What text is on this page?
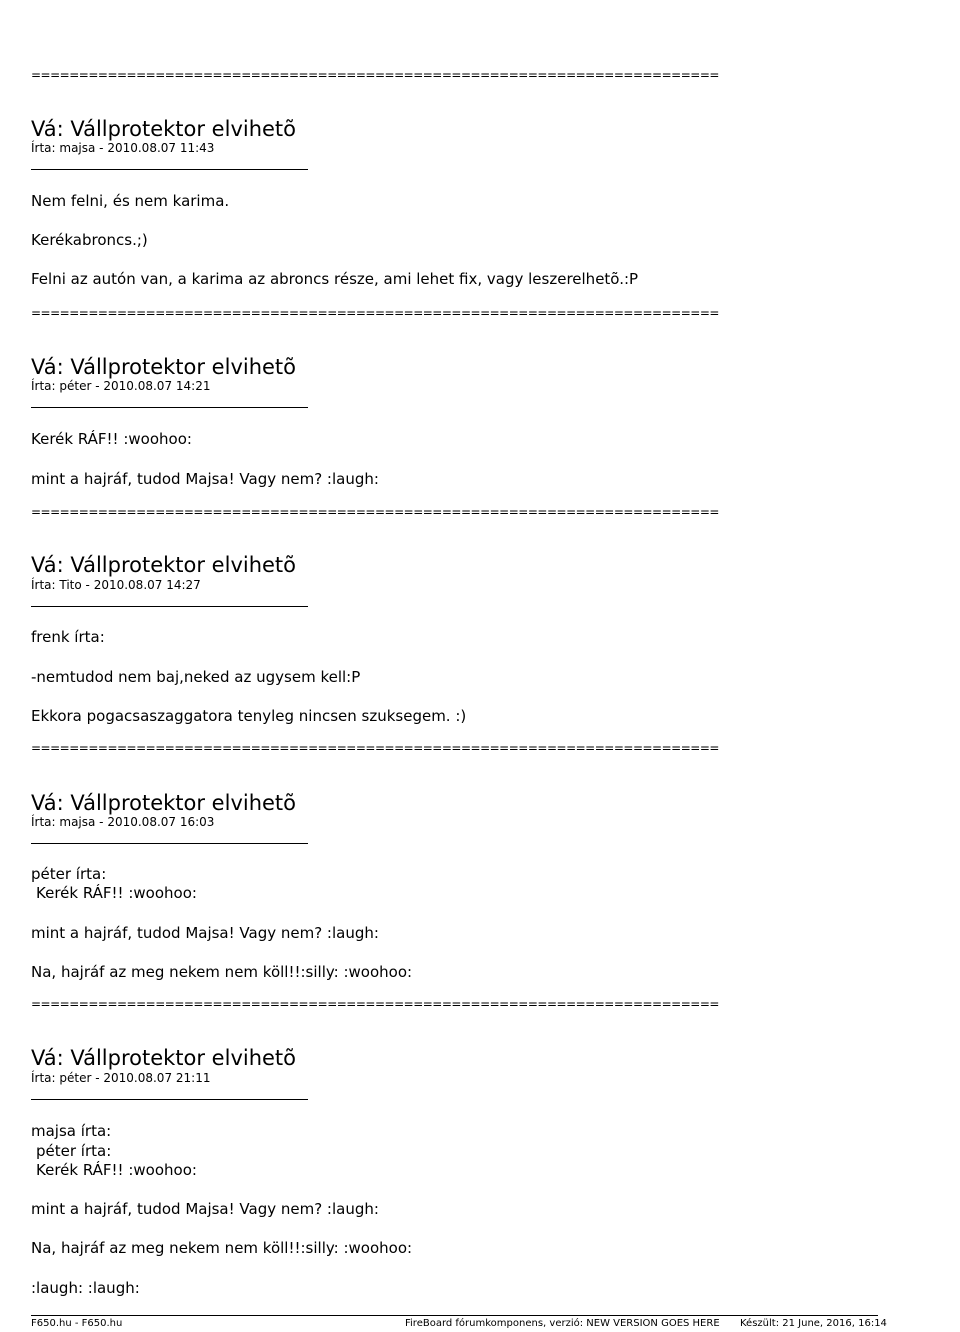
========================================================================
========================================================================
========================================================================
========================================================================
========================================================================
Vá: Vállprotektor elvihetõ
Írta: majsa - 2010.08.07 11:43
Nem felni, és nem karima.
Kerékabroncs.;)
Felni az autón van, a karima az abroncs része, ami lehet fix, vagy leszerelhetõ.:P
Vá: Vállprotektor elvihetõ
Írta: péter - 2010.08.07 14:21
Kerék RÁF!! :woohoo:
mint a hajráf, tudod Majsa! Vagy nem? :laugh:
Vá: Vállprotektor elvihetõ
Írta: Tito - 2010.08.07 14:27
frenk írta:
-nemtudod nem baj,neked az ugysem kell:P
Ekkora pogacsaszaggatora tenyleg nincsen szuksegem. :)
Vá: Vállprotektor elvihetõ
Írta: majsa - 2010.08.07 16:03
péter írta:
Kerék RÁF!! :woohoo:
mint a hajráf, tudod Majsa! Vagy nem? :laugh:
Na, hajráf az meg nekem nem köll!!:silly: :woohoo:
Vá: Vállprotektor elvihetõ
Írta: péter - 2010.08.07 21:11
majsa írta:
péter írta:
Kerék RÁF!! :woohoo:
mint a hajráf, tudod Majsa! Vagy nem? :laugh:
Na, hajráf az meg nekem nem köll!!:silly: :woohoo:
:laugh: :laugh:
F650.hu - F650.hu	FireBoard fórumkomponens, verzió: NEW VERSION GOES HERE Készült: 21 June, 2016, 16:14
